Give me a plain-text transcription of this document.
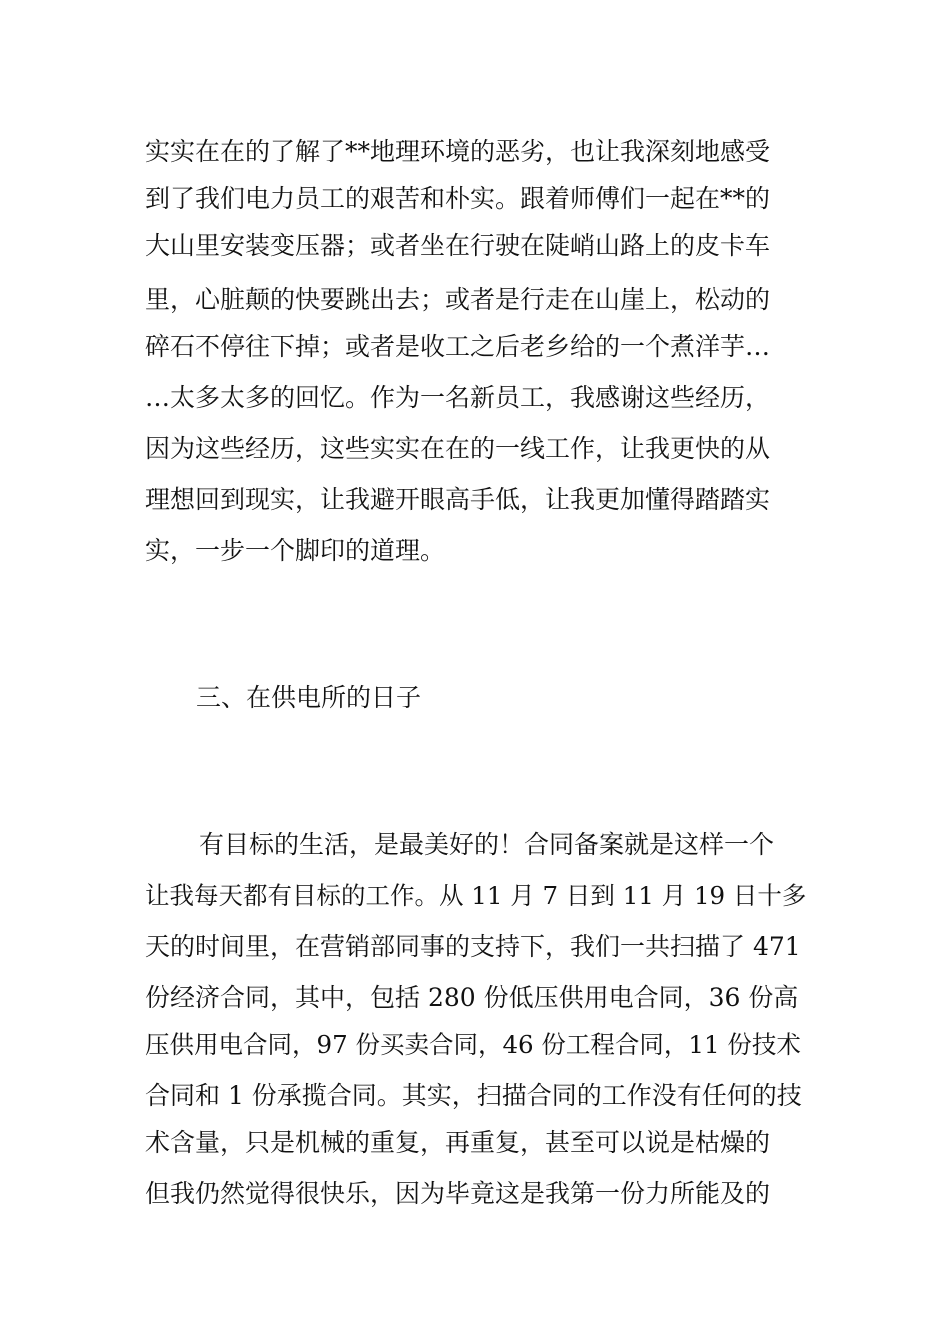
实实在在的了解了**地理环境的恶劣，也让我深刻地感受
到了我们电力员工的艰苦和朴实。跟着师傅们一起在**的
大山里安装变压器；或者坐在行驶在陡峭山路上的皮卡车
里，心脏颠的快要跳出去；或者是行走在山崖上，松动的
碎石不停往下掉；或者是收工之后老乡给的一个煮洋芋…
…太多太多的回忆。作为一名新员工，我感谢这些经历，
因为这些经历，这些实实在在的一线工作，让我更快的从
理想回到现实，让我避开眼高手低，让我更加懂得踏踏实
实，一步一个脚印的道理。
三、在供电所的日子
有目标的生活，是最美好的！合同备案就是这样一个
让我每天都有目标的工作。从 11 月 7 日到 11 月 19 日十多
天的时间里，在营销部同事的支持下，我们一共扫描了 471
份经济合同，其中，包括 280 份低压供用电合同，36 份高
压供用电合同，97 份买卖合同，46 份工程合同，11 份技术
合同和 1 份承揽合同。其实，扫描合同的工作没有任何的技
术含量，只是机械的重复，再重复，甚至可以说是枯燥的
但我仍然觉得很快乐，因为毕竟这是我第一份力所能及的
